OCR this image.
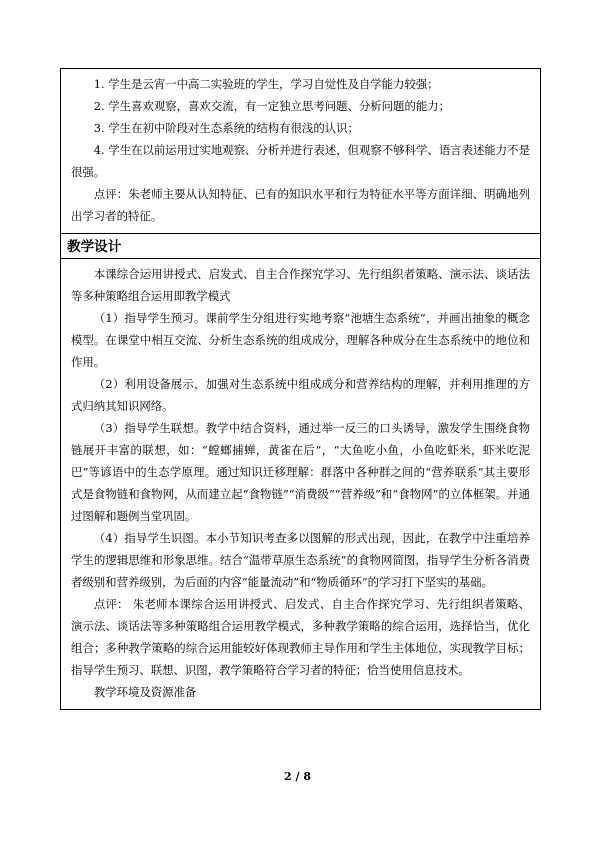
1. 学生是云宵一中高二实验班的学生，学习自觉性及自学能力较强；

2. 学生喜欢观察，喜欢交流，有一定独立思考问题、分析问题的能力；

3. 学生在初中阶段对生态系统的结构有很浅的认识；

4. 学生在以前运用过实地观察、分析并进行表述，但观察不够科学、语言表述能力不是很强。

点评：朱老师主要从认知特征、已有的知识水平和行为特征水平等方面详细、明确地列出学习者的特征。

教学设计

本课综合运用讲授式、启发式、自主合作探究学习、先行组织者策略、演示法、谈话法等多种策略组合运用即教学模式

（1）指导学生预习。课前学生分组进行实地考察“池塘生态系统”，并画出抽象的概念模型。在课堂中相互交流、分析生态系统的组成成分，理解各种成分在生态系统中的地位和作用。

（2）利用设备展示，加强对生态系统中组成成分和营养结构的理解，并利用推理的方式归纳其知识网络。

（3）指导学生联想。教学中结合资料，通过举一反三的口头诱导，激发学生围绕食物链展开丰富的联想，如：“螳螂捕蝉，黄雀在后”，“大鱼吃小鱼，小鱼吃虾米，虾米吃泥巴”等谚语中的生态学原理。通过知识迁移理解：群落中各种群之间的“营养联系”其主要形式是食物链和食物网，从而建立起“食物链”“消费级”“营养级”和“食物网”的立体框架。并通过图解和题例当堂巩固。

（4）指导学生识图。本小节知识考查多以图解的形式出现，因此，在教学中注重培养学生的逻辑思维和形象思维。结合“温带草原生态系统”的食物网简图，指导学生分析各消费者级别和营养级别，为后面的内容“能量流动”和“物质循环”的学习打下坚实的基础。

点评： 朱老师本课综合运用讲授式、启发式、自主合作探究学习、先行组织者策略、演示法、谈话法等多种策略组合运用教学模式，多种教学策略的综合运用，选择恰当，优化组合；多种教学策略的综合运用能较好体现教师主导作用和学生主体地位，实现教学目标；指导学生预习、联想、识图，教学策略符合学习者的特征；恰当使用信息技术。

教学环境及资源准备

2 / 8
